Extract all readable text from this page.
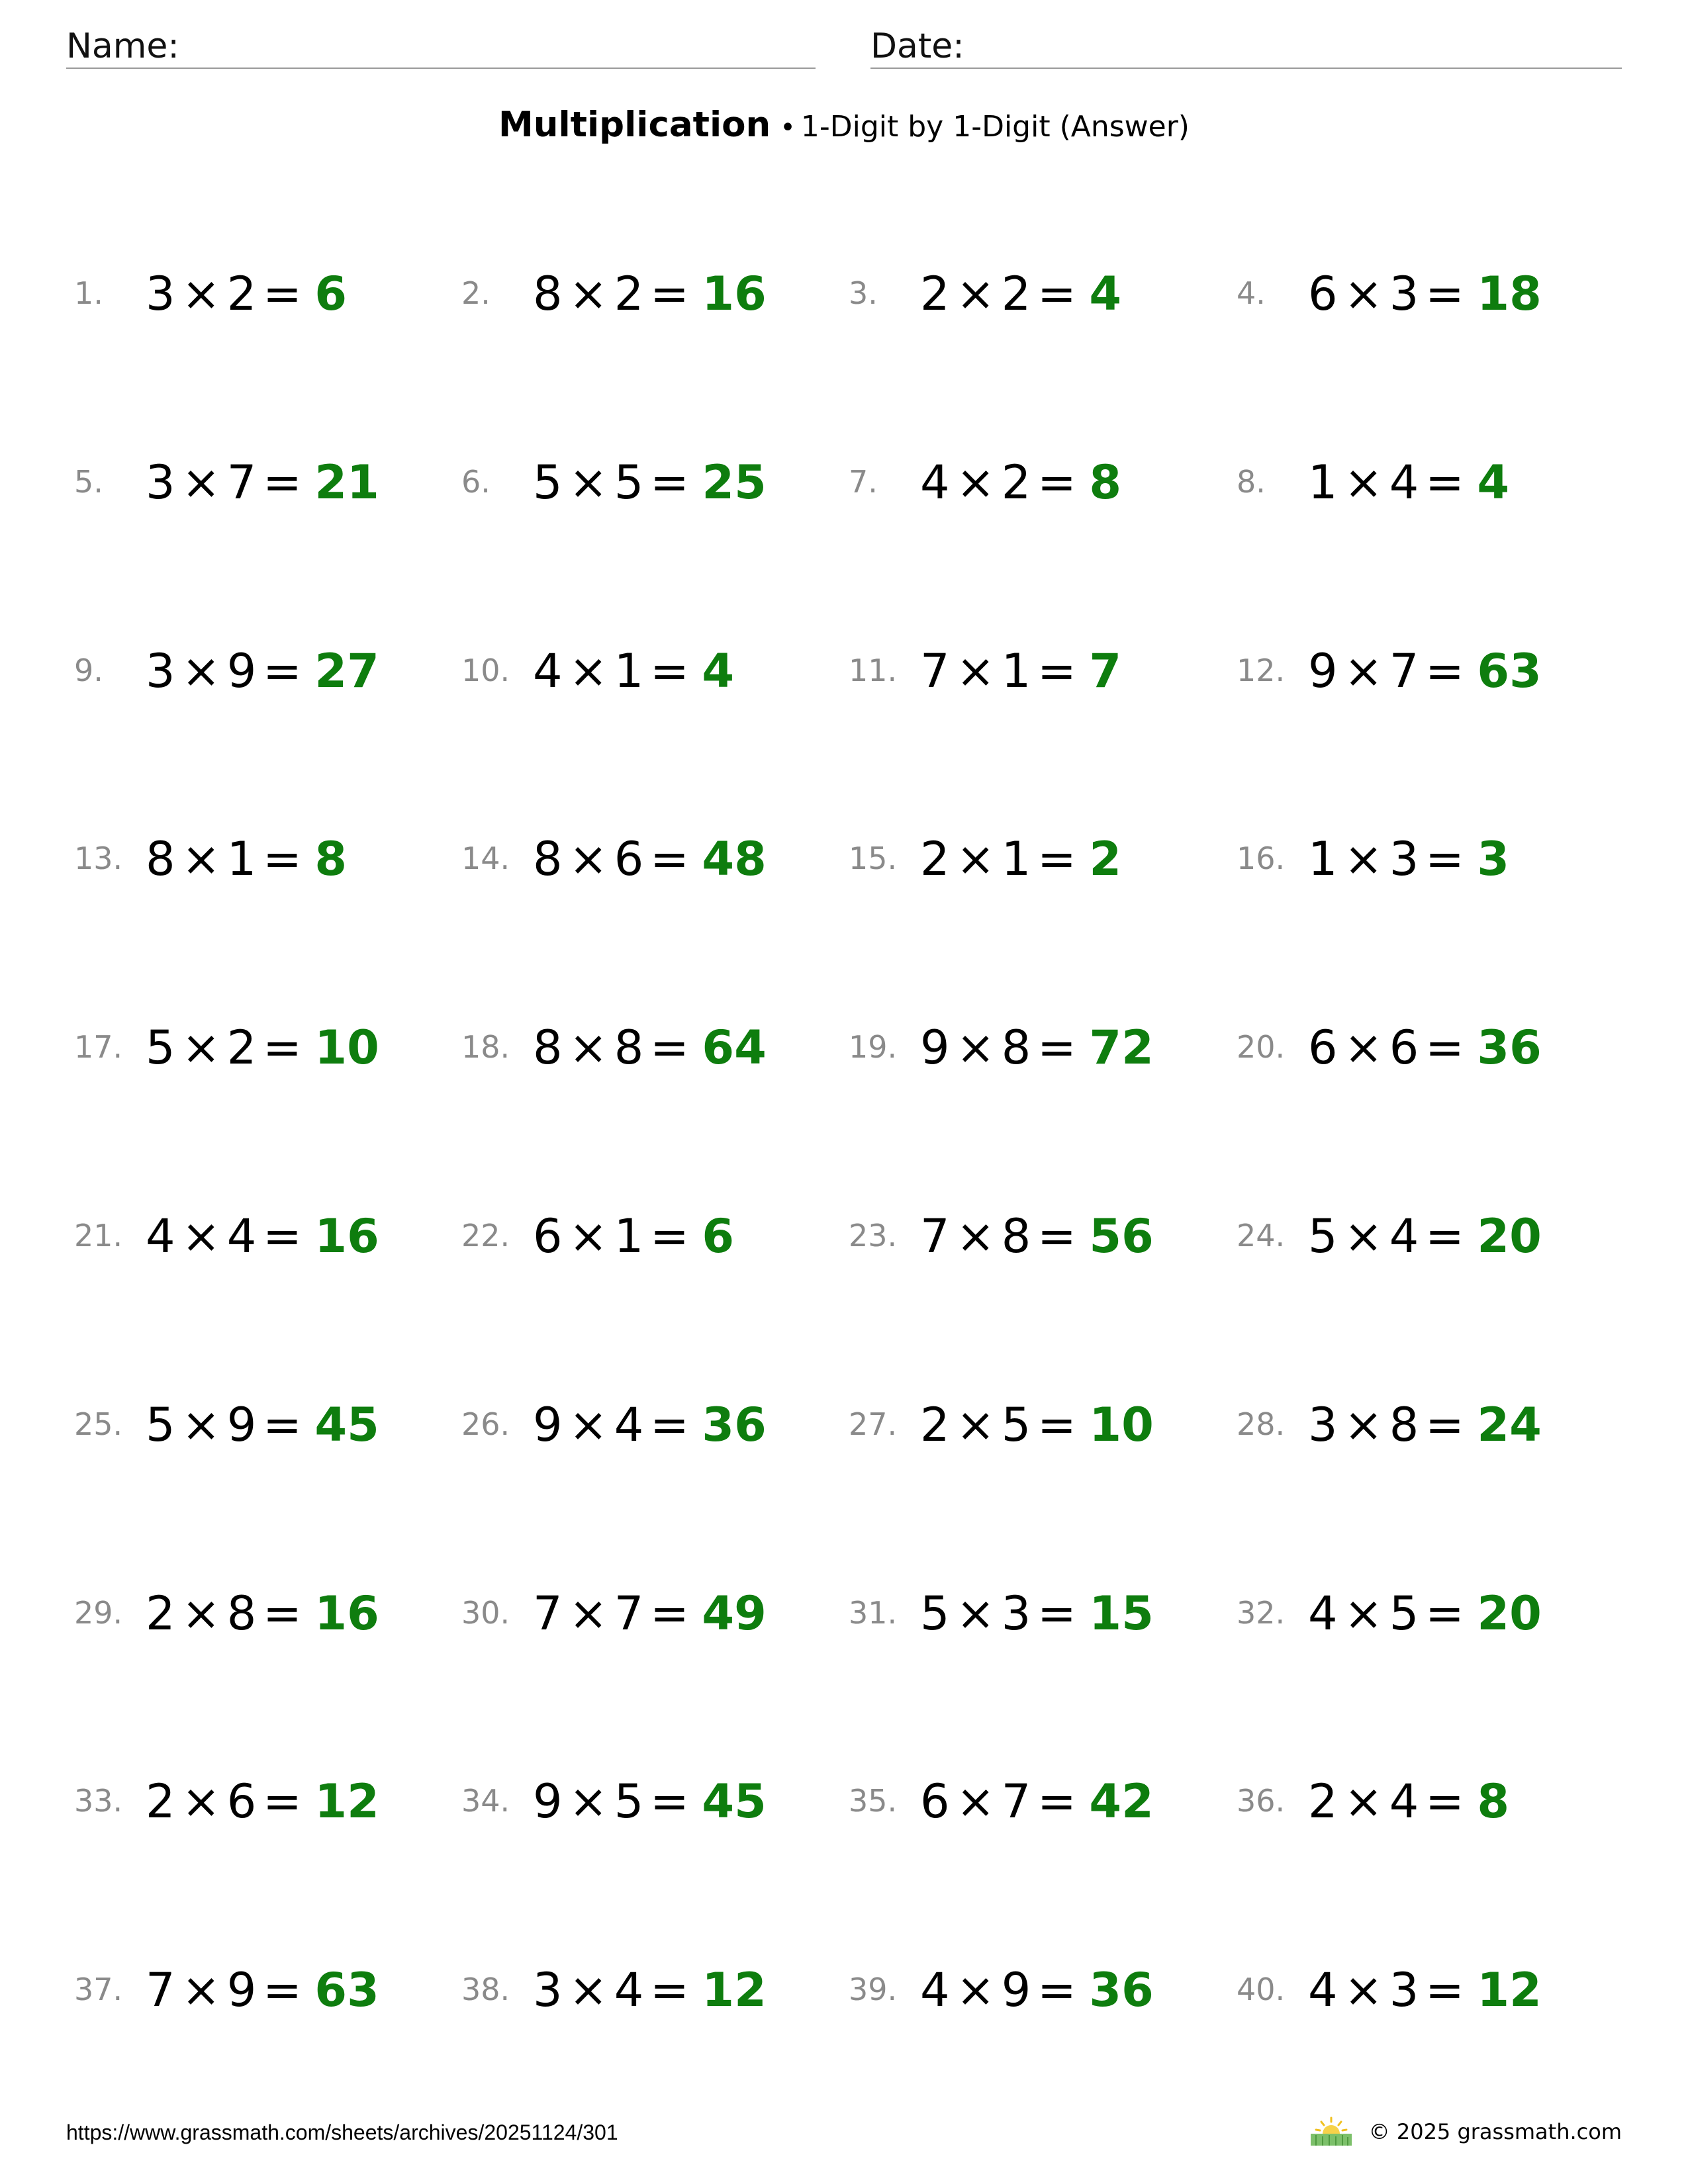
Name:	Date:
Multiplication • 1-Digit by 1-Digit (Answer)
1. 3 × 2 = 6	2. 8 × 2 = 16	3. 2 × 2 = 4	4. 6 × 3 = 18
5. 3 × 7 = 21	6. 5 × 5 = 25	7. 4 × 2 = 8	8. 1 × 4 = 4
9. 3 × 9 = 27	10. 4 × 1 = 4	11. 7 × 1 = 7	12. 9 × 7 = 63
13. 8 × 1 = 8	14. 8 × 6 = 48	15. 2 × 1 = 2	16. 1 × 3 = 3
17. 5 × 2 = 10	18. 8 × 8 = 64	19. 9 × 8 = 72	20. 6 × 6 = 36
21. 4 × 4 = 16	22. 6 × 1 = 6	23. 7 × 8 = 56	24. 5 × 4 = 20
25. 5 × 9 = 45	26. 9 × 4 = 36	27. 2 × 5 = 10	28. 3 × 8 = 24
29. 2 × 8 = 16	30. 7 × 7 = 49	31. 5 × 3 = 15	32. 4 × 5 = 20
33. 2 × 6 = 12	34. 9 × 5 = 45	35. 6 × 7 = 42	36. 2 × 4 = 8
37. 7 × 9 = 63	38. 3 × 4 = 12	39. 4 × 9 = 36	40. 4 × 3 = 12
https://www.grassmath.com/sheets/archives/20251124/301	© 2025 grassmath.com
